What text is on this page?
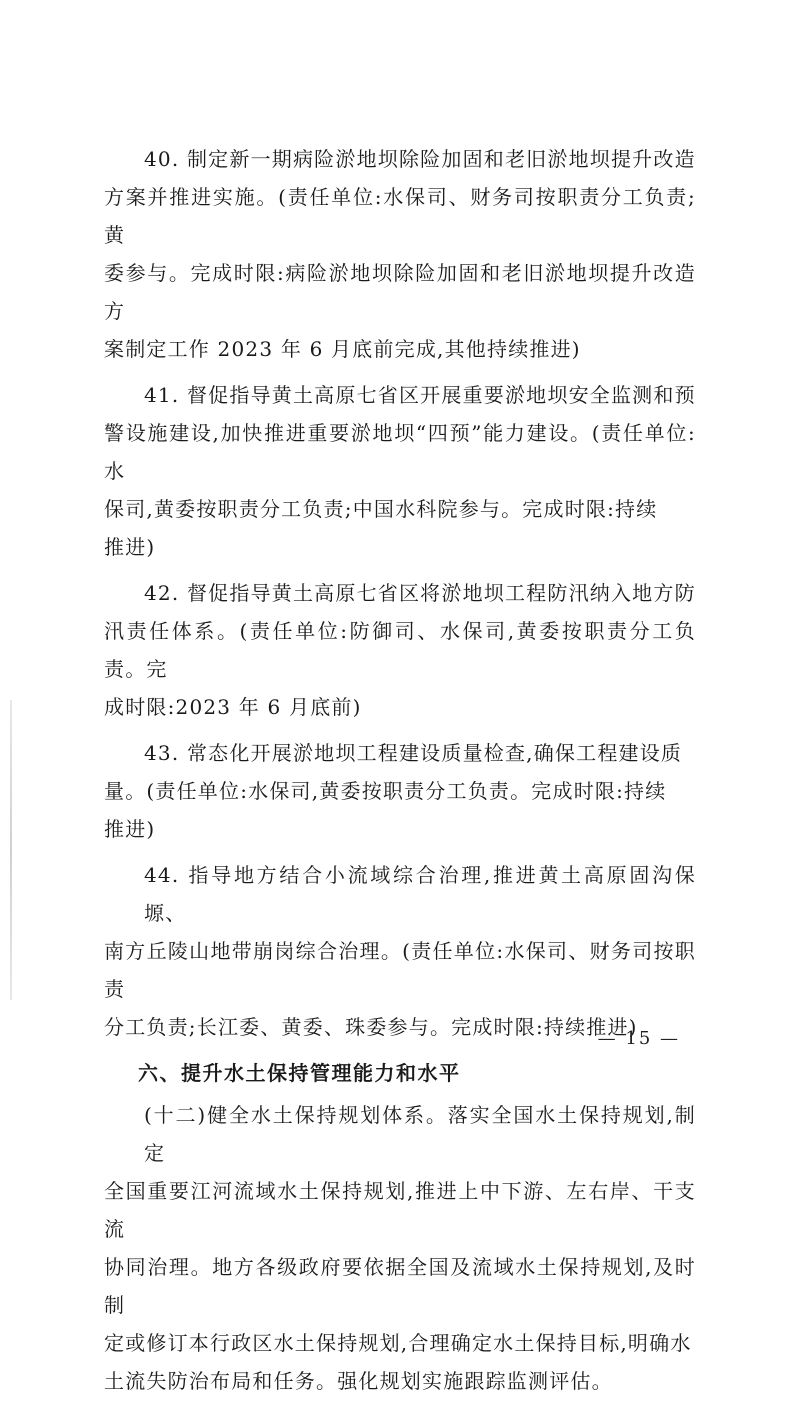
40. 制定新一期病险淤地坝除险加固和老旧淤地坝提升改造
方案并推进实施。(责任单位:水保司、财务司按职责分工负责;黄
委参与。完成时限:病险淤地坝除险加固和老旧淤地坝提升改造方
案制定工作 2023 年 6 月底前完成,其他持续推进)

41. 督促指导黄土高原七省区开展重要淤地坝安全监测和预
警设施建设,加快推进重要淤地坝“四预”能力建设。(责任单位:水
保司,黄委按职责分工负责;中国水科院参与。完成时限:持续
推进)

42. 督促指导黄土高原七省区将淤地坝工程防汛纳入地方防
汛责任体系。(责任单位:防御司、水保司,黄委按职责分工负责。完
成时限:2023 年 6 月底前)

43. 常态化开展淤地坝工程建设质量检查,确保工程建设质
量。(责任单位:水保司,黄委按职责分工负责。完成时限:持续
推进)

44. 指导地方结合小流域综合治理,推进黄土高原固沟保塬、
南方丘陵山地带崩岗综合治理。(责任单位:水保司、财务司按职责
分工负责;长江委、黄委、珠委参与。完成时限:持续推进)

六、提升水土保持管理能力和水平

(十二)健全水土保持规划体系。落实全国水土保持规划,制定
全国重要江河流域水土保持规划,推进上中下游、左右岸、干支流
协同治理。地方各级政府要依据全国及流域水土保持规划,及时制
定或修订本行政区水土保持规划,合理确定水土保持目标,明确水
土流失防治布局和任务。强化规划实施跟踪监测评估。

— 15 —
